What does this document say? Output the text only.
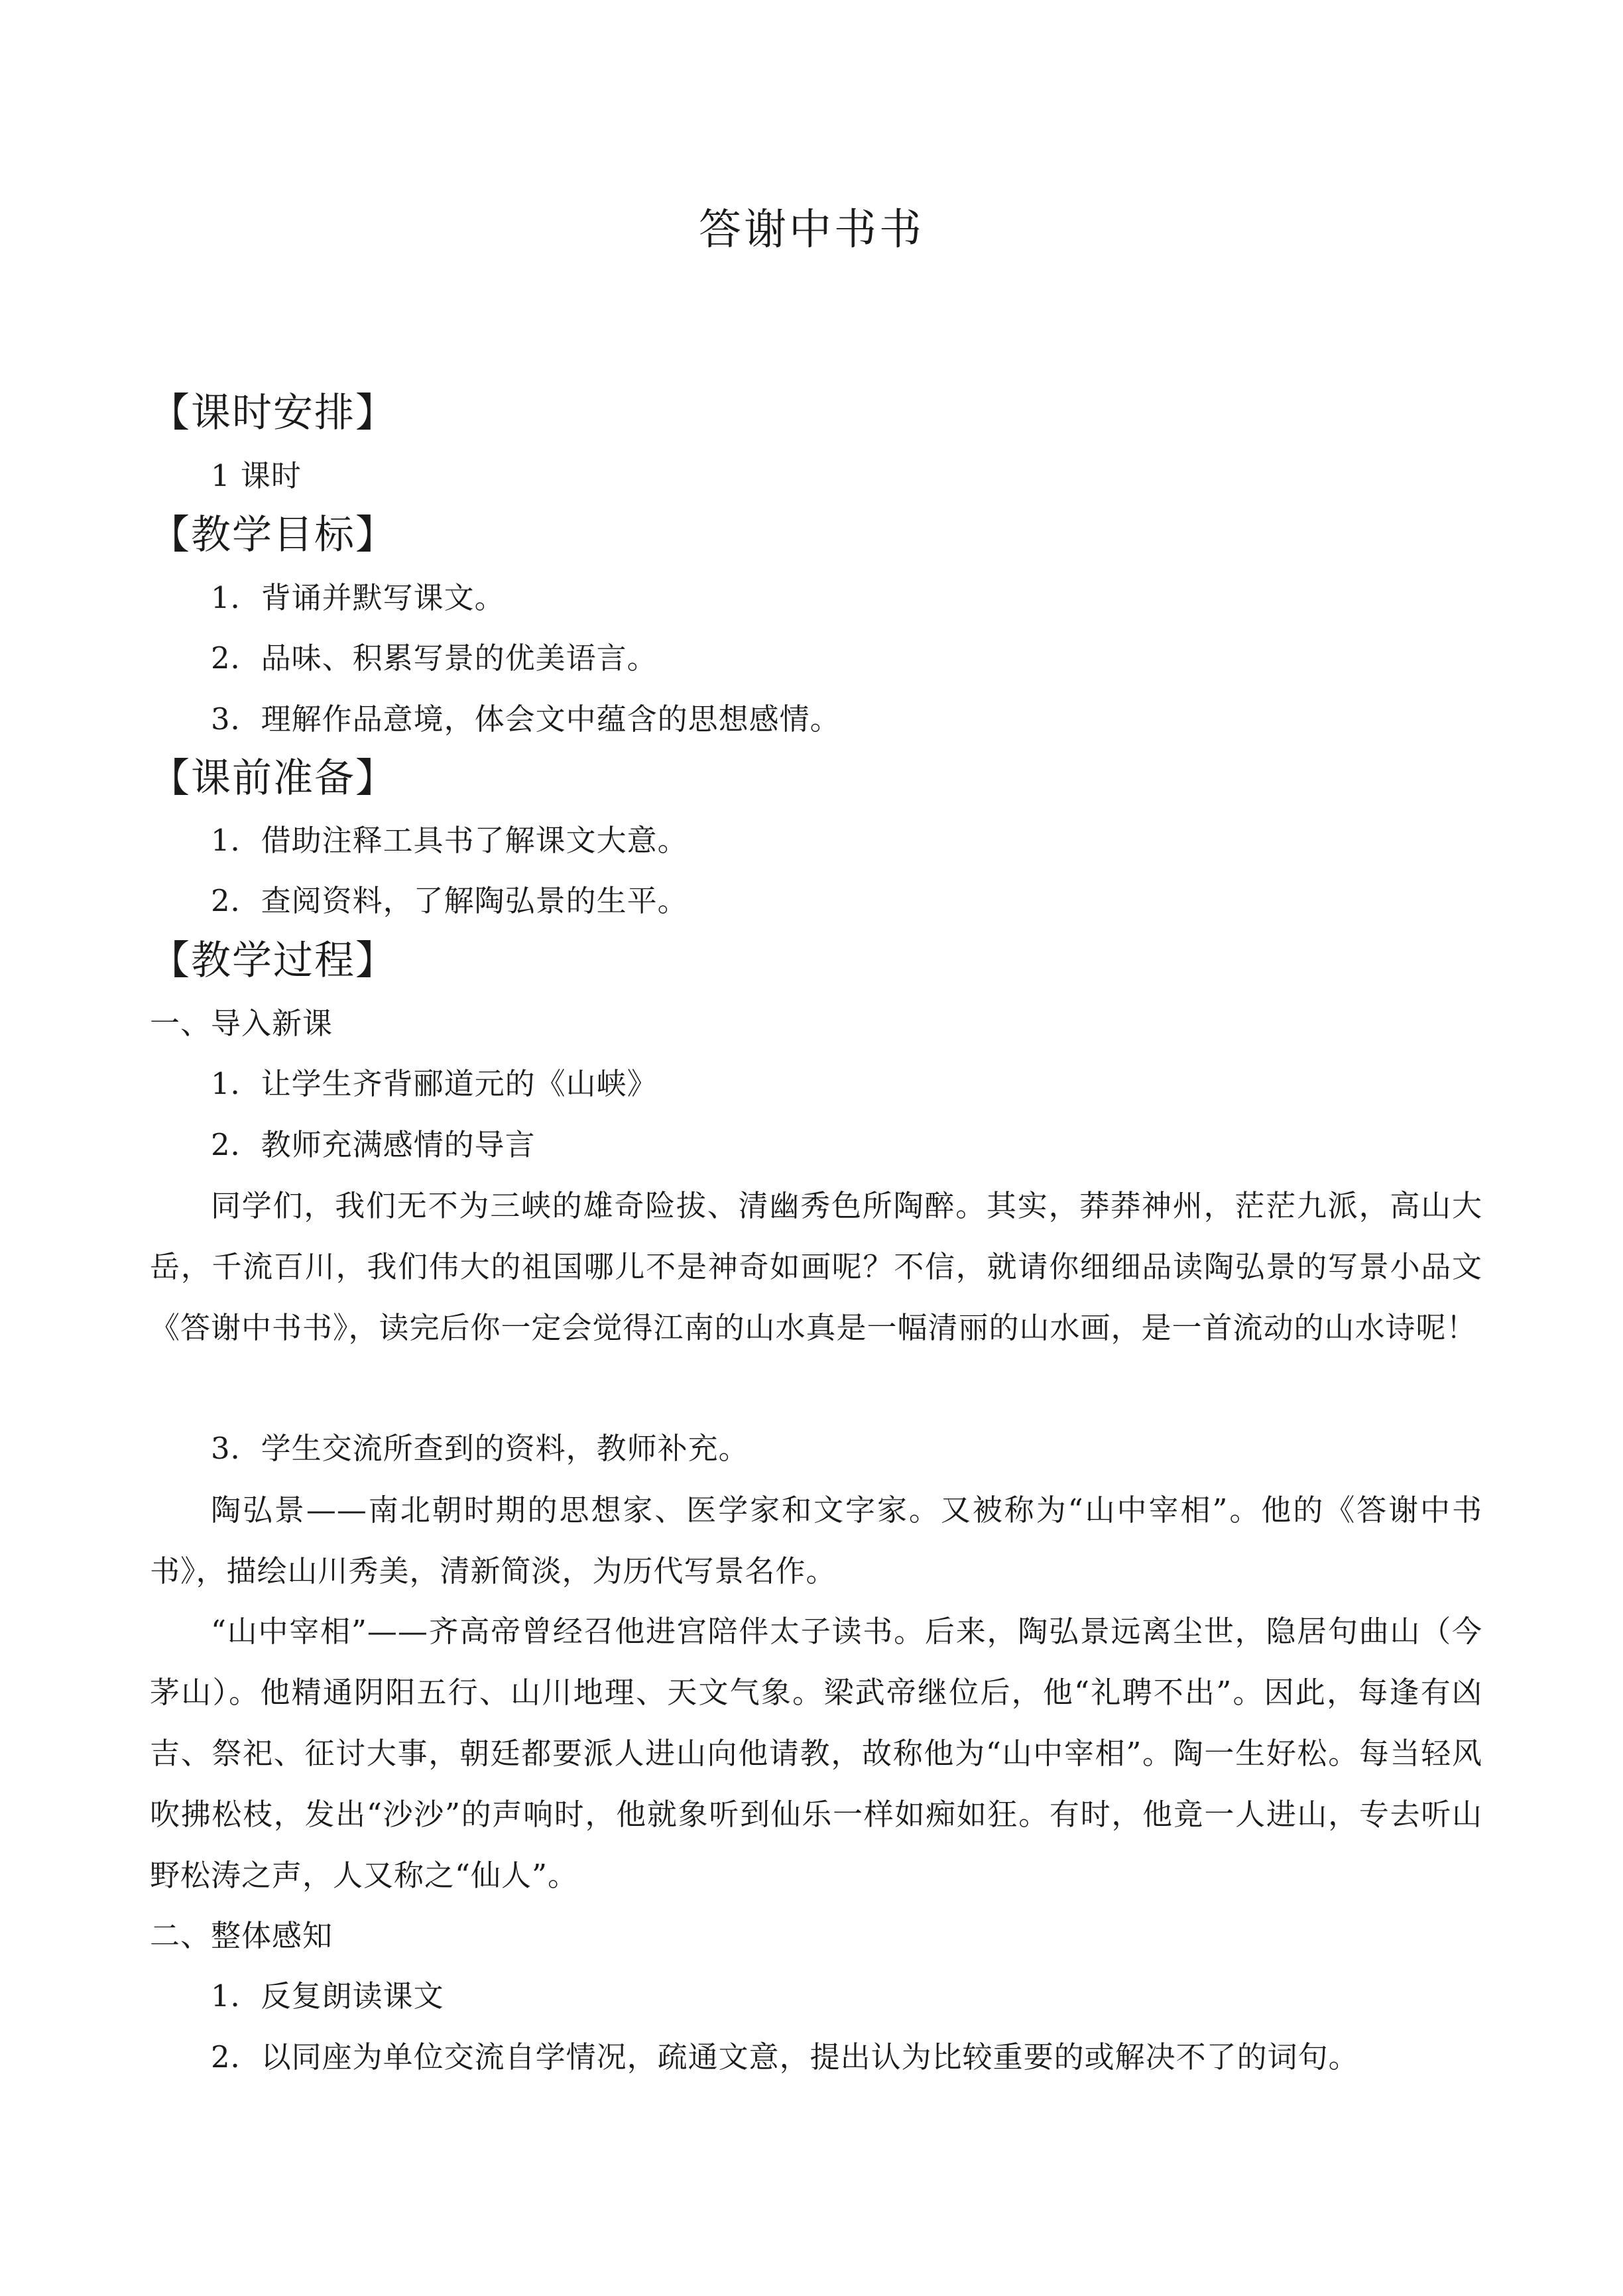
答谢中书书
【课时安排】
1 课时
【教学目标】
1．背诵并默写课文。
2．品味、积累写景的优美语言。
3．理解作品意境，体会文中蕴含的思想感情。
【课前准备】
1．借助注释工具书了解课文大意。
2．查阅资料，了解陶弘景的生平。
【教学过程】
一、导入新课
1．让学生齐背郦道元的《山峡》
2．教师充满感情的导言
同学们，我们无不为三峡的雄奇险拔、清幽秀色所陶醉。其实，莽莽神州，茫茫九派，高山大岳，千流百川，我们伟大的祖国哪儿不是神奇如画呢？不信，就请你细细品读陶弘景的写景小品文《答谢中书书》，读完后你一定会觉得江南的山水真是一幅清丽的山水画，是一首流动的山水诗呢！
3．学生交流所查到的资料，教师补充。
陶弘景——南北朝时期的思想家、医学家和文字家。又被称为“山中宰相”。他的《答谢中书书》，描绘山川秀美，清新简淡，为历代写景名作。
“山中宰相”——齐高帝曾经召他进宫陪伴太子读书。后来，陶弘景远离尘世，隐居句曲山（今茅山）。他精通阴阳五行、山川地理、天文气象。梁武帝继位后，他“礼聘不出”。因此，每逢有凶吉、祭祀、征讨大事，朝廷都要派人进山向他请教，故称他为“山中宰相”。陶一生好松。每当轻风吹拂松枝，发出“沙沙”的声响时，他就象听到仙乐一样如痴如狂。有时，他竟一人进山，专去听山野松涛之声，人又称之“仙人”。
二、整体感知
1．反复朗读课文
2．以同座为单位交流自学情况，疏通文意，提出认为比较重要的或解决不了的词句。
